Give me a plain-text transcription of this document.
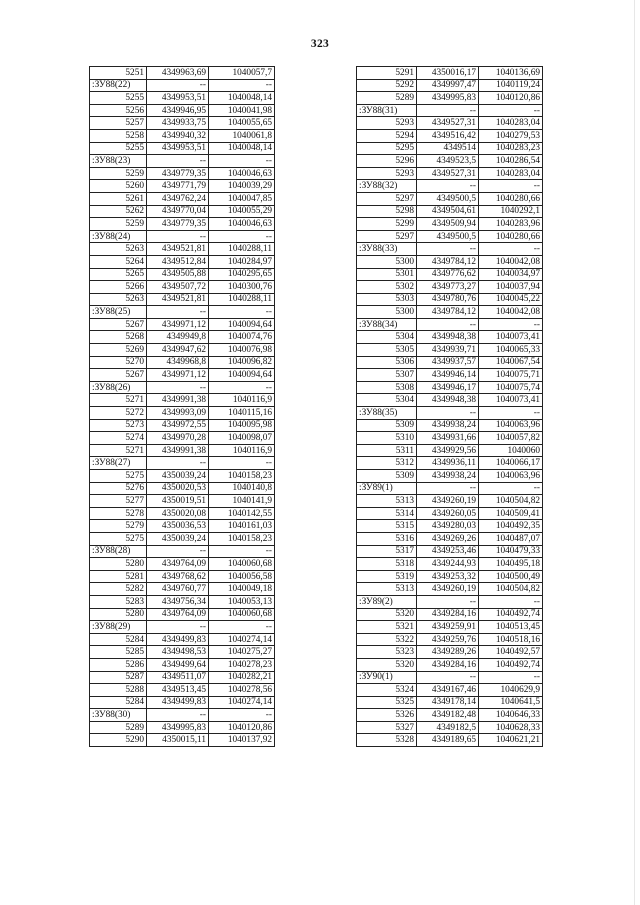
323
5251	4349963,69	1040057,7
:ЗУ88(22)	--	--
5255	4349953,51	1040048,14
5256	4349946,95	1040041,98
5257	4349933,75	1040055,65
5258	4349940,32	1040061,8
5255	4349953,51	1040048,14
:ЗУ88(23)	--	--
5259	4349779,35	1040046,63
5260	4349771,79	1040039,29
5261	4349762,24	1040047,85
5262	4349770,04	1040055,29
5259	4349779,35	1040046,63
:ЗУ88(24)	--	--
5263	4349521,81	1040288,11
5264	4349512,84	1040284,97
5265	4349505,88	1040295,65
5266	4349507,72	1040300,76
5263	4349521,81	1040288,11
:ЗУ88(25)	--	--
5267	4349971,12	1040094,64
5268	4349949,8	1040074,76
5269	4349947,62	1040076,98
5270	4349968,8	1040096,82
5267	4349971,12	1040094,64
:ЗУ88(26)	--	--
5271	4349991,38	1040116,9
5272	4349993,09	1040115,16
5273	4349972,55	1040095,98
5274	4349970,28	1040098,07
5271	4349991,38	1040116,9
:ЗУ88(27)	--	--
5275	4350039,24	1040158,23
5276	4350020,53	1040140,8
5277	4350019,51	1040141,9
5278	4350020,08	1040142,55
5279	4350036,53	1040161,03
5275	4350039,24	1040158,23
:ЗУ88(28)	--	--
5280	4349764,09	1040060,68
5281	4349768,62	1040056,58
5282	4349760,77	1040049,18
5283	4349756,34	1040053,13
5280	4349764,09	1040060,68
:ЗУ88(29)	--	--
5284	4349499,83	1040274,14
5285	4349498,53	1040275,27
5286	4349499,64	1040278,23
5287	4349511,07	1040282,21
5288	4349513,45	1040278,56
5284	4349499,83	1040274,14
:ЗУ88(30)	--	--
5289	4349995,83	1040120,86
5290	4350015,11	1040137,92
5291	4350016,17	1040136,69
5292	4349997,47	1040119,24
5289	4349995,83	1040120,86
:ЗУ88(31)	--	--
5293	4349527,31	1040283,04
5294	4349516,42	1040279,53
5295	4349514	1040283,23
5296	4349523,5	1040286,54
5293	4349527,31	1040283,04
:ЗУ88(32)	--	--
5297	4349500,5	1040280,66
5298	4349504,61	1040292,1
5299	4349509,94	1040283,96
5297	4349500,5	1040280,66
:ЗУ88(33)	--	--
5300	4349784,12	1040042,08
5301	4349776,62	1040034,97
5302	4349773,27	1040037,94
5303	4349780,76	1040045,22
5300	4349784,12	1040042,08
:ЗУ88(34)	--	--
5304	4349948,38	1040073,41
5305	4349939,71	1040065,33
5306	4349937,57	1040067,54
5307	4349946,14	1040075,71
5308	4349946,17	1040075,74
5304	4349948,38	1040073,41
:ЗУ88(35)	--	--
5309	4349938,24	1040063,96
5310	4349931,66	1040057,82
5311	4349929,56	1040060
5312	4349936,11	1040066,17
5309	4349938,24	1040063,96
:ЗУ89(1)	--	--
5313	4349260,19	1040504,82
5314	4349260,05	1040509,41
5315	4349280,03	1040492,35
5316	4349269,26	1040487,07
5317	4349253,46	1040479,33
5318	4349244,93	1040495,18
5319	4349253,32	1040500,49
5313	4349260,19	1040504,82
:ЗУ89(2)	--	--
5320	4349284,16	1040492,74
5321	4349259,91	1040513,45
5322	4349259,76	1040518,16
5323	4349289,26	1040492,57
5320	4349284,16	1040492,74
:ЗУ90(1)	--	--
5324	4349167,46	1040629,9
5325	4349178,14	1040641,5
5326	4349182,48	1040646,33
5327	4349182,5	1040628,33
5328	4349189,65	1040621,21
